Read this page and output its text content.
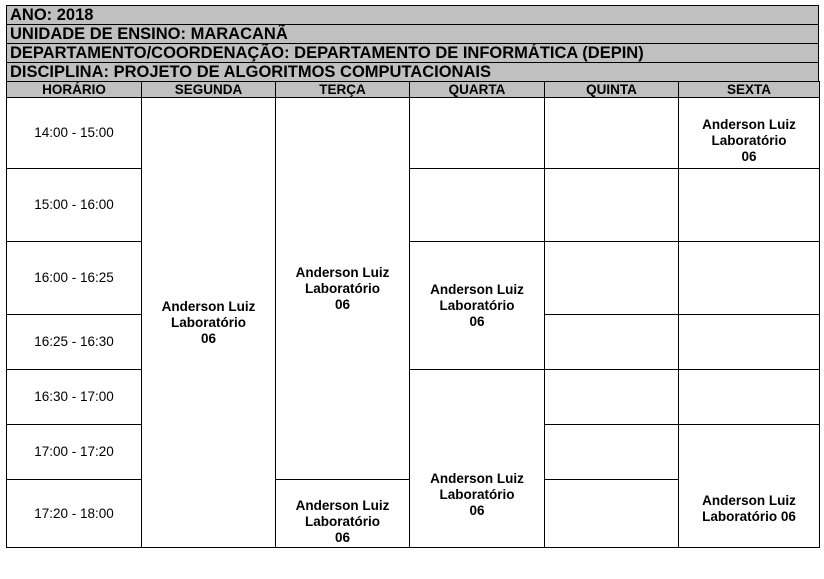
ANO: 2018
UNIDADE DE ENSINO: MARACANÃ
DEPARTAMENTO/COORDENAÇÃO: DEPARTAMENTO DE INFORMÁTICA (DEPIN)
DISCIPLINA: PROJETO DE ALGORITMOS COMPUTACIONAIS
HORÁRIO	SEGUNDA	TERÇA	QUARTA	QUINTA	SEXTA
14:00 - 15:00	Anderson Luiz
Laboratório
06	Anderson Luiz
Laboratório
06			Anderson Luiz
Laboratório
06

15:00 - 16:00					
16:00 - 16:25			Anderson Luiz
Laboratório
06		

16:25 - 16:30					
16:30 - 17:00			Anderson Luiz
Laboratório
06		

17:00 - 17:20					Anderson Luiz
Laboratório 06

17:20 - 18:00		Anderson Luiz
Laboratório
06			
